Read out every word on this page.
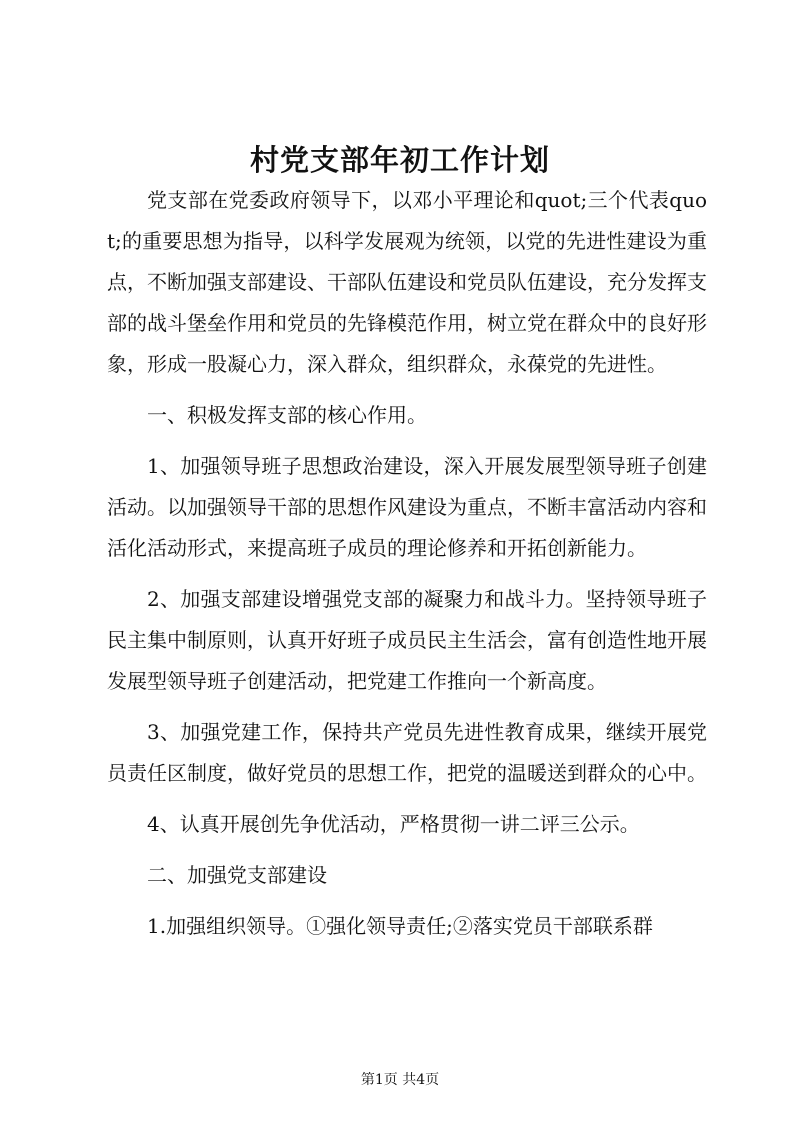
村党支部年初工作计划

党支部在党委政府领导下，以邓小平理论和quot;三个代表quot;的重要思想为指导，以科学发展观为统领，以党的先进性建设为重点，不断加强支部建设、干部队伍建设和党员队伍建设，充分发挥支部的战斗堡垒作用和党员的先锋模范作用，树立党在群众中的良好形象，形成一股凝心力，深入群众，组织群众，永葆党的先进性。

一、积极发挥支部的核心作用。

1、加强领导班子思想政治建设，深入开展发展型领导班子创建活动。以加强领导干部的思想作风建设为重点，不断丰富活动内容和活化活动形式，来提高班子成员的理论修养和开拓创新能力。

2、加强支部建设增强党支部的凝聚力和战斗力。坚持领导班子民主集中制原则，认真开好班子成员民主生活会，富有创造性地开展发展型领导班子创建活动，把党建工作推向一个新高度。

3、加强党建工作，保持共产党员先进性教育成果，继续开展党员责任区制度，做好党员的思想工作，把党的温暖送到群众的心中。

4、认真开展创先争优活动，严格贯彻一讲二评三公示。

二、加强党支部建设

1.加强组织领导。①强化领导责任;②落实党员干部联系群

第1页 共4页
